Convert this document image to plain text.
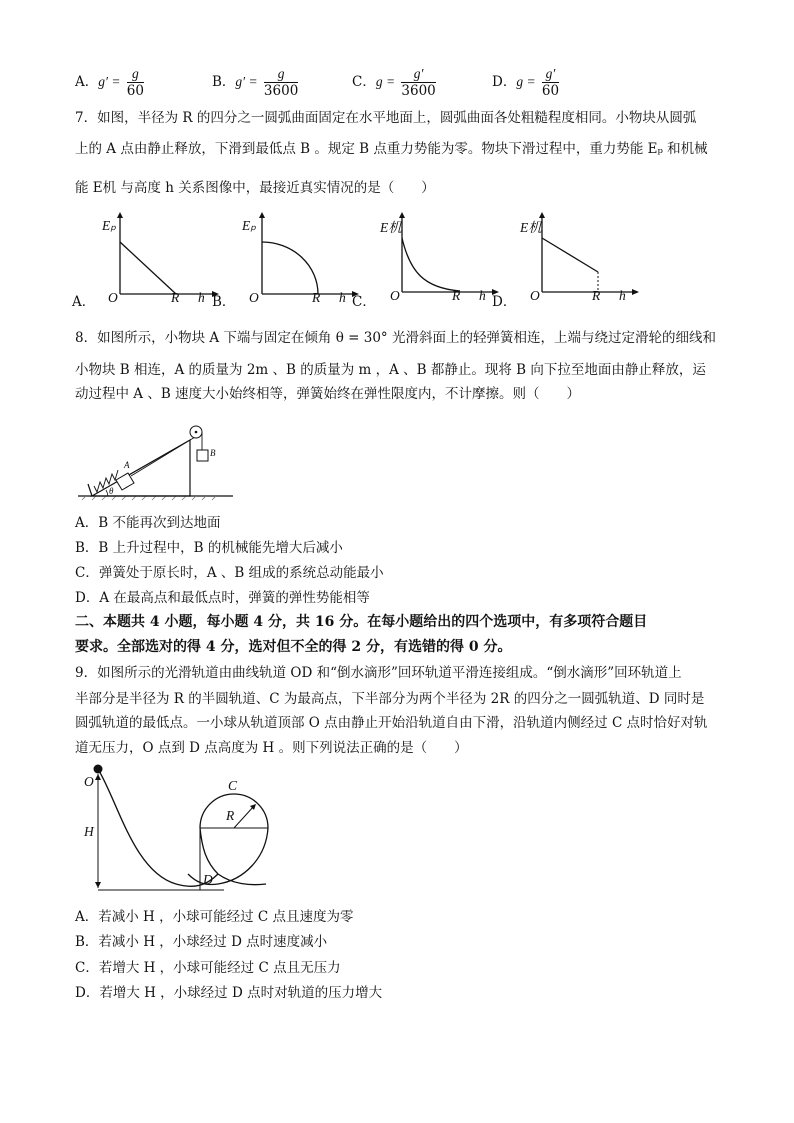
A．$g' = \frac{g}{60}$	B．$g' = \frac{g}{3600}$	C．$g = \frac{g'}{3600}$	D．$g = \frac{g'}{60}$
7．如图，半径为 R 的四分之一圆弧曲面固定在水平地面上，圆弧曲面各处粗糙程度相同。小物块从圆弧
上的 A 点由静止释放，下滑到最低点 B 。规定 B 点重力势能为零。物块下滑过程中，重力势能 Eₚ 和机械
能 E机 与高度 h 关系图像中，最接近真实情况的是（　　）
A．
Eₚ
O	R h B．
Eₚ
O	R h C．
E机
O	R h D．
E机
O	R h
8．如图所示，小物块 A 下端与固定在倾角 θ = 30° 光滑斜面上的轻弹簧相连，上端与绕过定滑轮的细线和
小物块 B 相连，A 的质量为 2m 、B 的质量为 m ，A 、B 都静止。现将 B 向下拉至地面由静止释放，运
动过程中 A 、B 速度大小始终相等，弹簧始终在弹性限度内，不计摩擦。则（　　）
A
B
θ
A．B 不能再次到达地面
B．B 上升过程中，B 的机械能先增大后减小
C．弹簧处于原长时，A 、B 组成的系统总动能最小
D．A 在最高点和最低点时，弹簧的弹性势能相等
二、本题共 4 小题，每小题 4 分，共 16 分。在每小题给出的四个选项中，有多项符合题目
要求。全部选对的得 4 分，选对但不全的得 2 分，有选错的得 0 分。
9．如图所示的光滑轨道由曲线轨道 OD 和“倒水滴形”回环轨道平滑连接组成。“倒水滴形”回环轨道上
半部分是半径为 R 的半圆轨道、C 为最高点，下半部分为两个半径为 2R 的四分之一圆弧轨道、D 同时是
圆弧轨道的最低点。一小球从轨道顶部 O 点由静止开始沿轨道自由下滑，沿轨道内侧经过 C 点时恰好对轨
道无压力，O 点到 D 点高度为 H 。则下列说法正确的是（　　）
O
H
C
R
D
A．若减小 H ，小球可能经过 C 点且速度为零
B．若减小 H ，小球经过 D 点时速度减小
C．若增大 H ，小球可能经过 C 点且无压力
D．若增大 H ，小球经过 D 点时对轨道的压力增大
